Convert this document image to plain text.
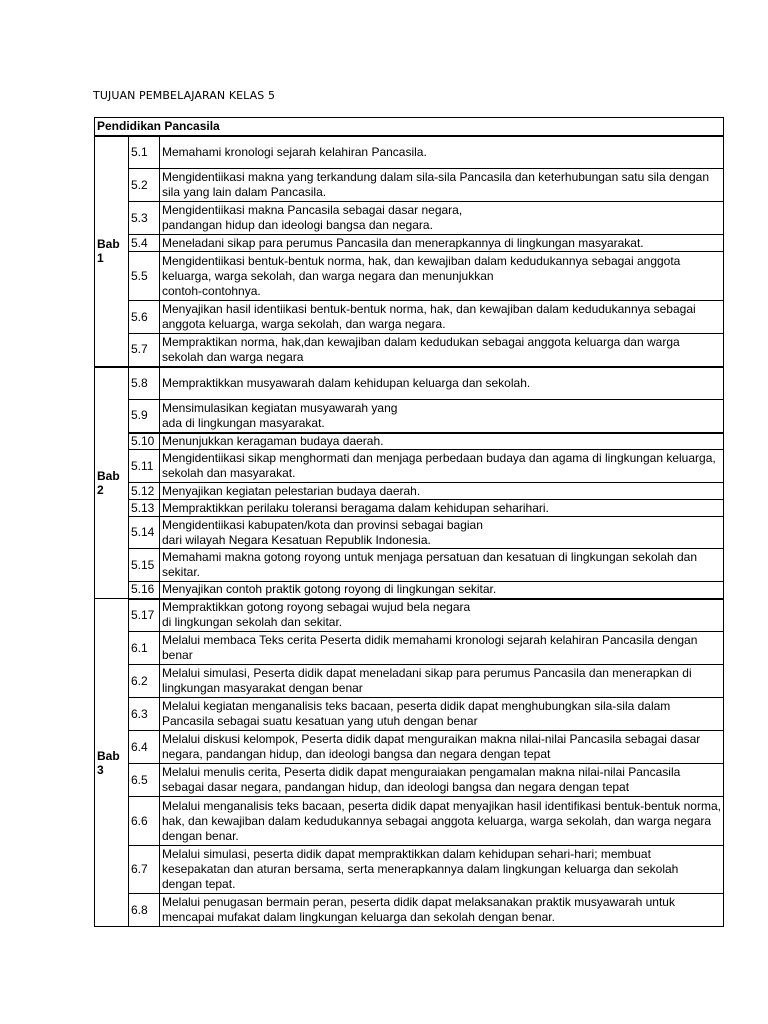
TUJUAN PEMBELAJARAN KELAS 5
Pendidikan Pancasila		
Bab
1	5.1	Memahami kronologi sejarah kelahiran Pancasila.
	5.2	Mengidentiikasi makna yang terkandung dalam sila-sila Pancasila dan keterhubungan satu sila dengan sila yang lain dalam Pancasila.
	5.3	Mengidentiikasi makna Pancasila sebagai dasar negara,
pandangan hidup dan ideologi bangsa dan negara.
	5.4	Meneladani sikap para perumus Pancasila dan menerapkannya di lingkungan masyarakat.
	5.5	Mengidentiikasi bentuk-bentuk norma, hak, dan kewajiban dalam kedudukannya sebagai anggota keluarga, warga sekolah, dan warga negara dan menunjukkan
contoh-contohnya.
	5.6	Menyajikan hasil identiikasi bentuk-bentuk norma, hak, dan kewajiban dalam kedudukannya sebagai anggota keluarga, warga sekolah, dan warga negara.
	5.7	Mempraktikan norma, hak,dan kewajiban dalam kedudukan sebagai anggota keluarga dan warga sekolah dan warga negara
Bab
2	5.8	Mempraktikkan musyawarah dalam kehidupan keluarga dan sekolah.
	5.9	Mensimulasikan kegiatan musyawarah yang
ada di lingkungan masyarakat.
	5.10	Menunjukkan keragaman budaya daerah.
	5.11	Mengidentiikasi sikap menghormati dan menjaga perbedaan budaya dan agama di lingkungan keluarga, sekolah dan masyarakat.
	5.12	Menyajikan kegiatan pelestarian budaya daerah.
	5.13	Mempraktikkan perilaku toleransi beragama dalam kehidupan seharihari.
	5.14	Mengidentiikasi kabupaten/kota dan provinsi sebagai bagian
dari wilayah Negara Kesatuan Republik Indonesia.
	5.15	Memahami makna gotong royong untuk menjaga persatuan dan kesatuan di lingkungan sekolah dan sekitar.
	5.16	Menyajikan contoh praktik gotong royong di lingkungan sekitar.
Bab
3	5.17	Mempraktikkan gotong royong sebagai wujud bela negara
di lingkungan sekolah dan sekitar.
	6.1	Melalui membaca Teks cerita Peserta didik memahami kronologi sejarah kelahiran Pancasila dengan benar
	6.2	Melalui simulasi, Peserta didik dapat meneladani sikap para perumus Pancasila dan menerapkan di lingkungan masyarakat dengan benar
	6.3	Melalui kegiatan menganalisis teks bacaan, peserta didik dapat menghubungkan sila-sila dalam Pancasila sebagai suatu kesatuan yang utuh dengan benar
	6.4	Melalui diskusi kelompok, Peserta didik dapat menguraikan makna nilai-nilai Pancasila sebagai dasar negara, pandangan hidup, dan ideologi bangsa dan negara dengan tepat
	6.5	Melalui menulis cerita, Peserta didik dapat menguraiakan pengamalan makna nilai-nilai Pancasila sebagai dasar negara, pandangan hidup, dan ideologi bangsa dan negara dengan tepat
	6.6	Melalui menganalisis teks bacaan, peserta didik dapat menyajikan hasil identifikasi bentuk-bentuk norma, hak, dan kewajiban dalam kedudukannya sebagai anggota keluarga, warga sekolah, dan warga negara dengan benar.
	6.7	Melalui simulasi, peserta didik dapat mempraktikkan dalam kehidupan sehari-hari; membuat kesepakatan dan aturan bersama, serta menerapkannya dalam lingkungan keluarga dan sekolah dengan tepat.
	6.8	Melalui penugasan bermain peran, peserta didik dapat melaksanakan praktik musyawarah untuk mencapai mufakat dalam lingkungan keluarga dan sekolah dengan benar.
